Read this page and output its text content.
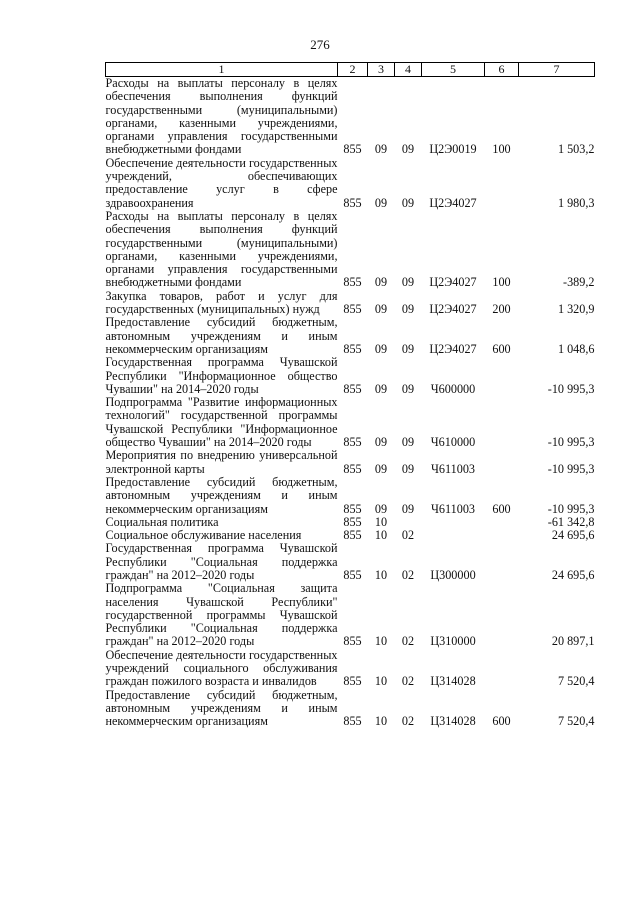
276
1	2	3	4	5	6	7
Расходы на выплаты персоналу в целях обеспечения выполнения функций государственными (муниципальными) органами, казенными учреждениями, органами управления государственными внебюджетными фондами	855	09	09	Ц2Э0019	100	1 503,2
Обеспечение деятельности государственных учреждений, обеспечивающих предоставление услуг в сфере здравоохранения	855	09	09	Ц2Э4027		1 980,3
Расходы на выплаты персоналу в целях обеспечения выполнения функций государственными (муниципальными) органами, казенными учреждениями, органами управления государственными внебюджетными фондами	855	09	09	Ц2Э4027	100	-389,2
Закупка товаров, работ и услуг для государственных (муниципальных) нужд	855	09	09	Ц2Э4027	200	1 320,9
Предоставление субсидий бюджетным, автономным учреждениям и иным некоммерческим организациям	855	09	09	Ц2Э4027	600	1 048,6
Государственная программа Чувашской Республики "Информационное общество Чувашии" на 2014–2020 годы	855	09	09	Ч600000		-10 995,3
Подпрограмма "Развитие информационных технологий" государственной программы Чувашской Республики "Информационное общество Чувашии" на 2014–2020 годы	855	09	09	Ч610000		-10 995,3
Мероприятия по внедрению универсальной электронной карты	855	09	09	Ч611003		-10 995,3
Предоставление субсидий бюджетным, автономным учреждениям и иным некоммерческим организациям	855	09	09	Ч611003	600	-10 995,3
Социальная политика	855	10				-61 342,8
Социальное обслуживание населения	855	10	02			24 695,6
Государственная программа Чувашской Республики "Социальная поддержка граждан" на 2012–2020 годы	855	10	02	Ц300000		24 695,6
Подпрограмма "Социальная защита населения Чувашской Республики" государственной программы Чувашской Республики "Социальная поддержка граждан" на 2012–2020 годы	855	10	02	Ц310000		20 897,1
Обеспечение деятельности государственных учреждений социального обслуживания граждан пожилого возраста и инвалидов	855	10	02	Ц314028		7 520,4
Предоставление субсидий бюджетным, автономным учреждениям и иным некоммерческим организациям	855	10	02	Ц314028	600	7 520,4
